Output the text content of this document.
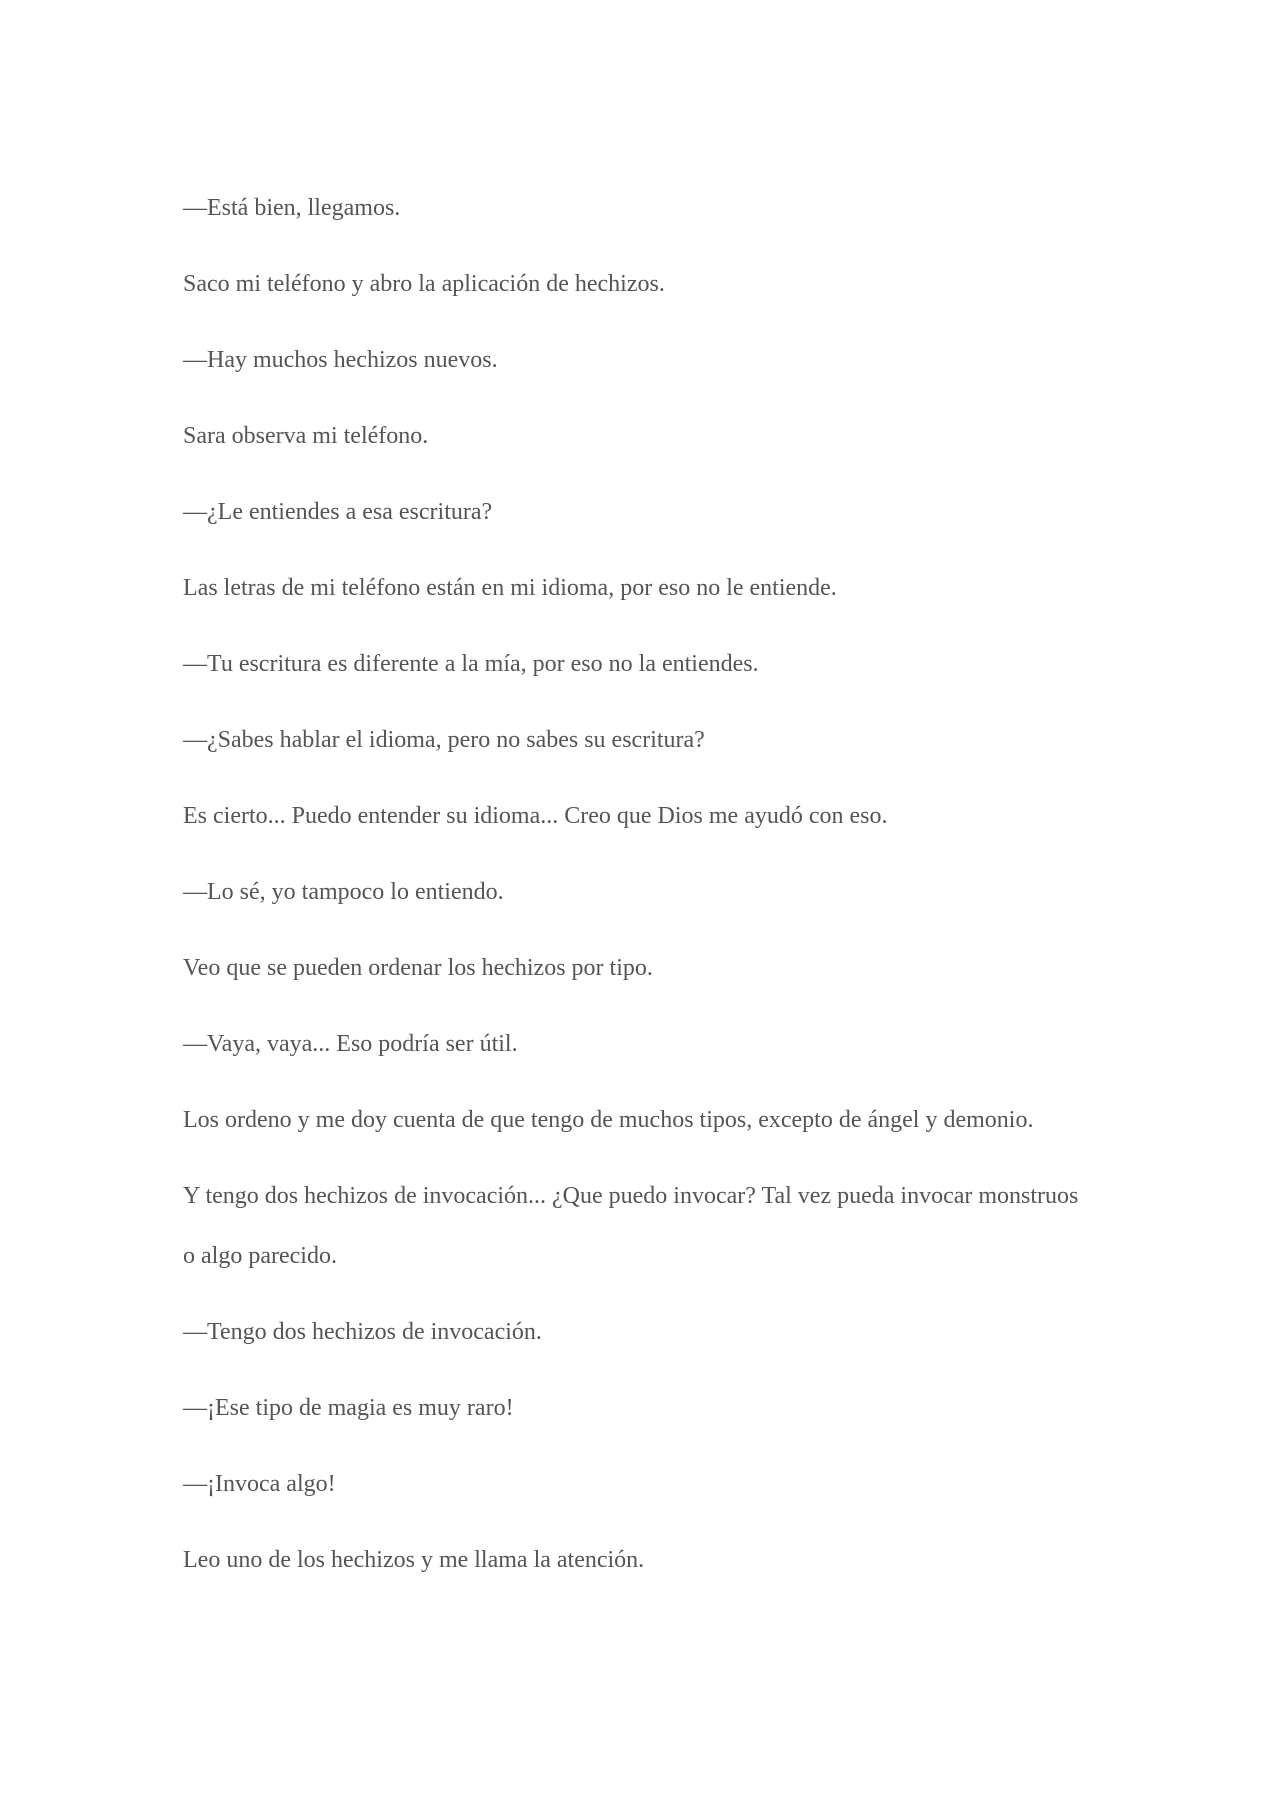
—Está bien, llegamos.

Saco mi teléfono y abro la aplicación de hechizos.

—Hay muchos hechizos nuevos.

Sara observa mi teléfono.

—¿Le entiendes a esa escritura?

Las letras de mi teléfono están en mi idioma, por eso no le entiende.

—Tu escritura es diferente a la mía, por eso no la entiendes.

—¿Sabes hablar el idioma, pero no sabes su escritura?

Es cierto... Puedo entender su idioma... Creo que Dios me ayudó con eso.

—Lo sé, yo tampoco lo entiendo.

Veo que se pueden ordenar los hechizos por tipo.

—Vaya, vaya... Eso podría ser útil.

Los ordeno y me doy cuenta de que tengo de muchos tipos, excepto de ángel y demonio.

Y tengo dos hechizos de invocación... ¿Que puedo invocar? Tal vez pueda invocar monstruos o algo parecido.

—Tengo dos hechizos de invocación.

—¡Ese tipo de magia es muy raro!

—¡Invoca algo!

Leo uno de los hechizos y me llama la atención.
